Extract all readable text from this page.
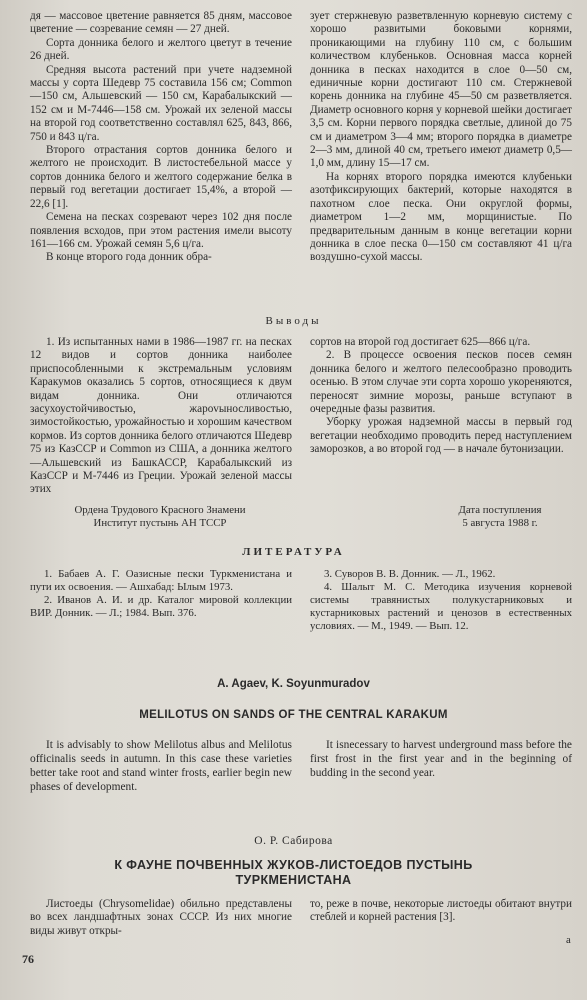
дя — массовое цветение равняется 85 дням, массовое цветение — созревание семян — 27 дней.

Сорта донника белого и желтого цветут в течение 26 дней.

Средняя высота растений при учете надземной массы у сорта Шедевр 75 составила 156 см; Common—150 см, Альшевский — 150 см, Карабалыкский — 152 см и М-7446—158 см. Урожай их зеленой массы на второй год соответственно составлял 625, 843, 866, 750 и 843 ц/га.

Второго отрастания сортов донника белого и желтого не происходит. В листостебельной массе у сортов донника белого и желтого содержание белка в первый год вегетации достигает 15,4%, а второй — 22,6 [1].

Семена на песках созревают через 102 дня после появления всходов, при этом растения имели высоту 161—166 см. Урожай семян 5,6 ц/га.

В конце второго года донник обра-

зует стержневую разветвленную корневую систему с хорошо развитыми боковыми корнями, проникающими на глубину 110 см, с большим количеством клубеньков. Основная масса корней донника в песках находится в слое 0—50 см, единичные корни достигают 110 см. Стержневой корень донника на глубине 45—50 см разветвляется. Диаметр основного корня у корневой шейки достигает 3,5 см. Корни первого порядка светлые, длиной до 75 см и диаметром 3—4 мм; второго порядка в диаметре 2—3 мм, длиной 40 см, третьего имеют диаметр 0,5—1,0 мм, длину 15—17 см.

На корнях второго порядка имеются клубеньки азотфиксирующих бактерий, которые находятся в пахотном слое песка. Они округлой формы, диаметром 1—2 мм, морщинистые. По предварительным данным в конце вегетации корни донника в слое песка 0—150 см составляют 41 ц/га воздушно-сухой массы.

Выводы

1. Из испытанных нами в 1986—1987 гг. на песках 12 видов и сортов донника наиболее приспособленными к экстремальным условиям Каракумов оказались 5 сортов, относящиеся к двум видам донника. Они отличаются засухоустойчивостью, жароvыносливостью, зимостойкостью, урожайностью и хорошим качеством кормов. Из сортов донника белого отличаются Шедевр 75 из КазССР и Common из США, а донника желтого—Альшевский из БашкАССР, Карабалыкский из КазССР и М-7446 из Греции. Урожай зеленой массы этих

сортов на второй год достигает 625—866 ц/га.

2. В процессе освоения песков посев семян донника белого и желтого пелесообразно проводить осенью. В этом случае эти сорта хорошо укореняются, переносят зимние морозы, раньше вступают в очередные фазы развития.

Уборку урожая надземной массы в первый год вегетации необходимо проводить перед наступлением заморозков, а во второй год — в начале бутонизации.

Ордена Трудового Красного Знамени
Институт пустынь АН ТССР
Дата поступления
5 августа 1988 г.
ЛИТЕРАТУРА

1. Бабаев А. Г. Оазисные пески Туркменистана и пути их освоения. — Ашхабад: Ылым 1973.

2. Иванов А. И. и др. Каталог мировой коллекции ВИР. Донник. — Л.; 1984. Вып. 376.

3. Суворов В. В. Донник. — Л., 1962.

4. Шалыт М. С. Методика изучения корневой системы травянистых полукустарниковых и кустарниковых растений и ценозов в естественных условиях. — М., 1949. — Вып. 12.

A. Agaev, K. Soyunmuradov
MELILOTUS ON SANDS OF THE CENTRAL KARAKUM

It is advisably to show Melilotus albus and Melilotus officinalis seeds in autumn. In this case these varieties better take root and stand winter frosts, earlier begin new phases of development.

It isnecessary to harvest underground mass before the first frost in the first year and in the beginning of budding in the second year.

О. Р. Сабирова
К ФАУНЕ ПОЧВЕННЫХ ЖУКОВ-ЛИСТОЕДОВ ПУСТЫНЬ
ТУРКМЕНИСТАНА

Листоеды (Chrysomelidae) обильно представлены во всех ландшафтных зонах СССР. Из них многие виды живут откры-

то, реже в почве, некоторые листоеды обитают внутри стеблей и корней растения [3].

а
76
